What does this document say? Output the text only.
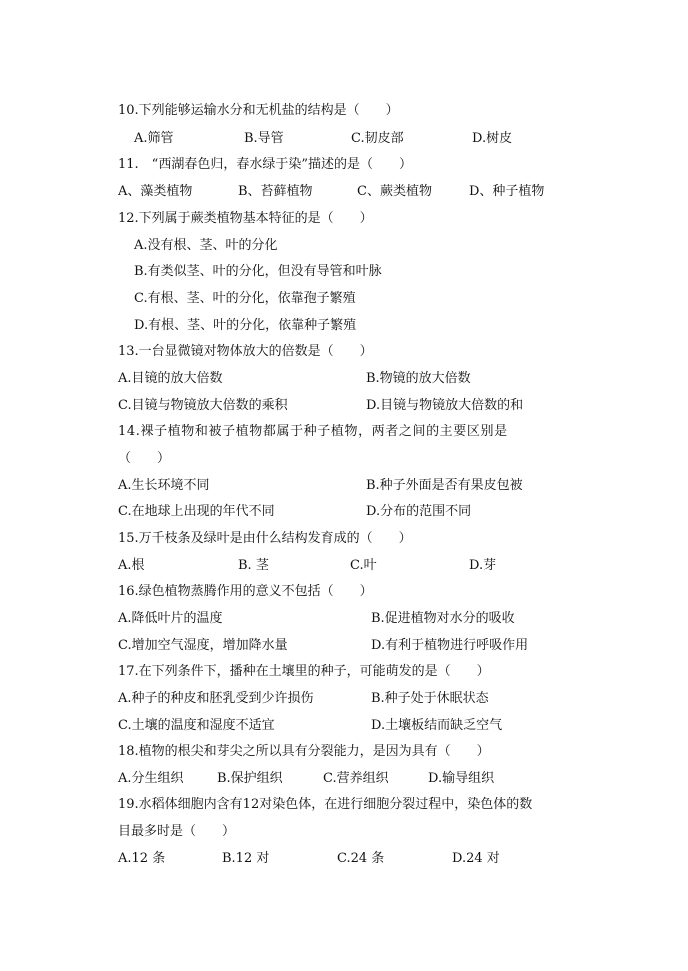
10.下列能够运输水分和无机盐的结构是（　　）
A.筛管	B.导管	C.韧皮部	D.树皮
11.　“西湖春色归，春水绿于染”描述的是（　　）
A、藻类植物	B、苔藓植物	C、蕨类植物	D、种子植物
12.下列属于蕨类植物基本特征的是（　　）
A.没有根、茎、叶的分化
B.有类似茎、叶的分化，但没有导管和叶脉
C.有根、茎、叶的分化，依靠孢子繁殖
D.有根、茎、叶的分化，依靠种子繁殖
13.一台显微镜对物体放大的倍数是（　　）
A.目镜的放大倍数	B.物镜的放大倍数
C.目镜与物镜放大倍数的乘积	D.目镜与物镜放大倍数的和
14.裸子植物和被子植物都属于种子植物，两者之间的主要区别是
（　　）
A.生长环境不同	B.种子外面是否有果皮包被
C.在地球上出现的年代不同	D.分布的范围不同
15.万千枝条及绿叶是由什么结构发育成的（　　）
A.根	B. 茎	C.叶	D.芽
16.绿色植物蒸腾作用的意义不包括（　　）
A.降低叶片的温度	B.促进植物对水分的吸收
C.增加空气湿度，增加降水量	D.有利于植物进行呼吸作用
17.在下列条件下，播种在土壤里的种子，可能萌发的是（　　）
A.种子的种皮和胚乳受到少许损伤	B.种子处于休眠状态
C.土壤的温度和湿度不适宜	D.土壤板结而缺乏空气
18.植物的根尖和芽尖之所以具有分裂能力，是因为具有（　　）
A.分生组织	B.保护组织	C.营养组织	D.输导组织
19.水稻体细胞内含有12对染色体，在进行细胞分裂过程中，染色体的数
目最多时是（　　）
A.12 条	B.12 对	C.24 条	D.24 对
